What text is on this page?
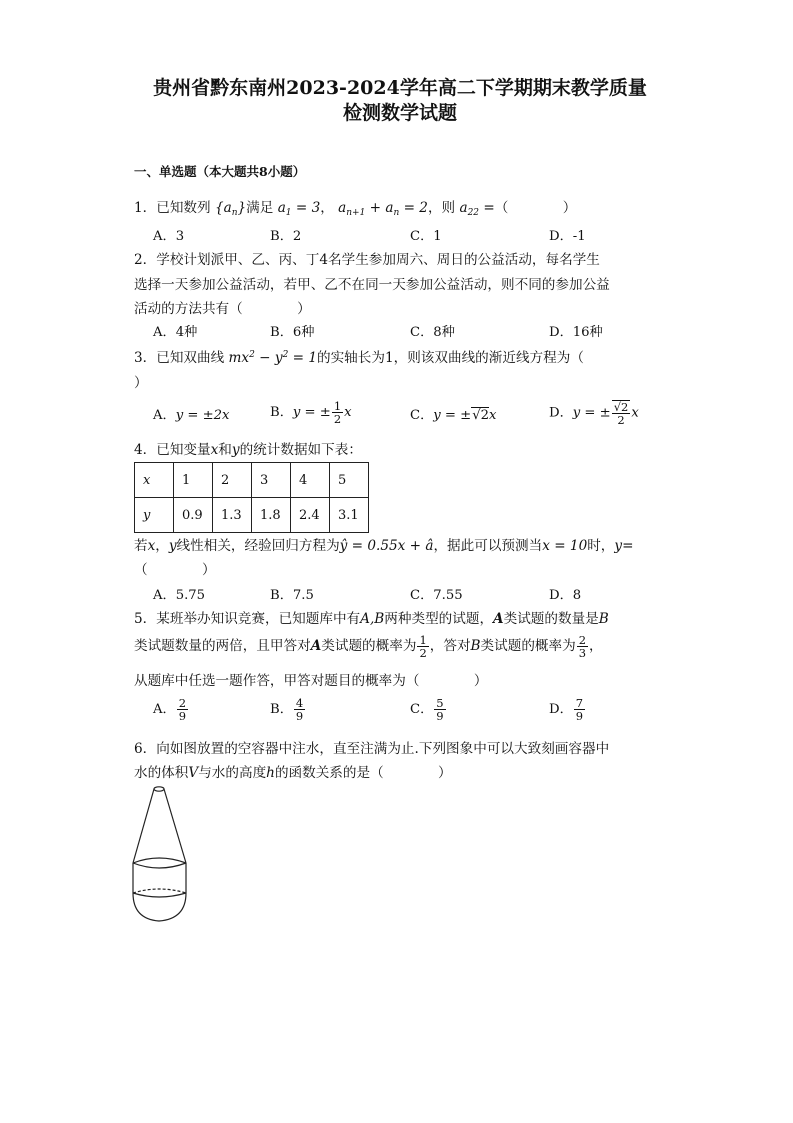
贵州省黔东南州2023-2024学年高二下学期期末教学质量
检测数学试题
一、单选题（本大题共8小题）
1．已知数列 $\{a_n\}$满足 $a_1 = 3$， $a_{n+1} + a_n = 2$，则 $a_{22}$ =（　　　　）
A．3	B．2	C．1	D．-1
2．学校计划派甲、乙、丙、丁4名学生参加周六、周日的公益活动，每名学生
选择一天参加公益活动，若甲、乙不在同一天参加公益活动，则不同的参加公益
活动的方法共有（　　　　）
A．4种	B．6种	C．8种	D．16种
3．已知双曲线 $mx^2 - y^2 = 1$的实轴长为1，则该双曲线的渐近线方程为（
）
A．y = ±2x	B．y = ± $\frac{1}{2}$ x	C．y = ±√2x	D．y = ± $\frac{√2}{2}$ x
4．已知变量x和y的统计数据如下表：
x	1	2	3	4	5
y	0.9	1.3	1.8	2.4	3.1
若x，y线性相关，经验回归方程为ŷ = 0.55x + â，据此可以预测当x = 10时，y=
（　　　　）
A．5.75	B．7.5	C．7.55	D．8
5．某班举办知识竞赛，已知题库中有A,B两种类型的试题，A类试题的数量是B
类试题数量的两倍，且甲答对A类试题的概率为 $\frac{1}{2}$ ，答对B类试题的概率为 $\frac{2}{3}$ ，
从题库中任选一题作答，甲答对题目的概率为（　　　　）
A． $\frac{2}{9}$	B． $\frac{4}{9}$	C． $\frac{5}{9}$	D． $\frac{7}{9}$
6．向如图放置的空容器中注水，直至注满为止.下列图象中可以大致刻画容器中
水的体积V与水的高度h的函数关系的是（　　　　）
